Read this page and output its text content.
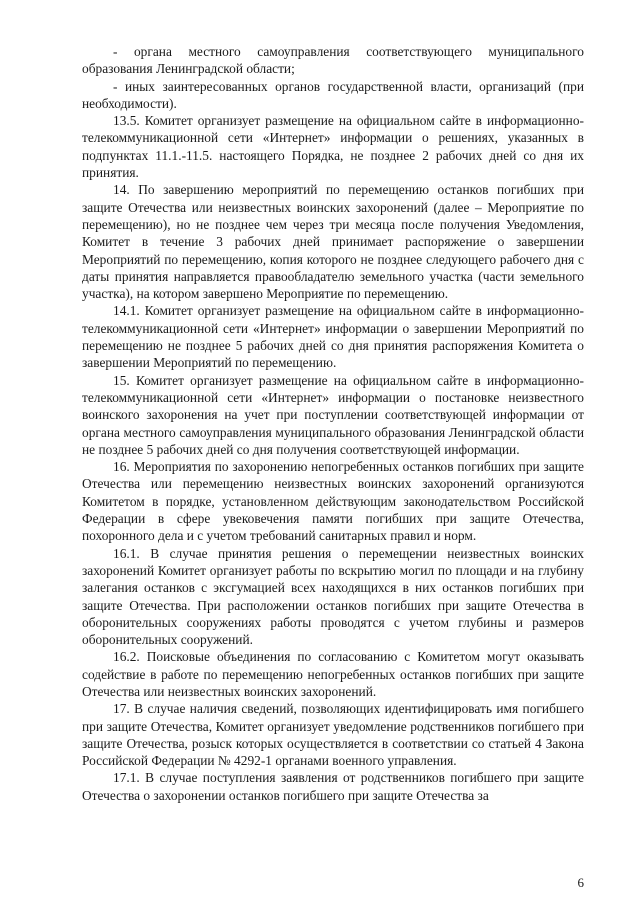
- органа местного самоуправления соответствующего муниципального образования Ленинградской области;

- иных заинтересованных органов государственной власти, организаций (при необходимости).

13.5. Комитет организует размещение на официальном сайте в информационно-телекоммуникационной сети «Интернет» информации о решениях, указанных в подпунктах 11.1.-11.5. настоящего Порядка, не позднее 2 рабочих дней со дня их принятия.

14. По завершению мероприятий по перемещению останков погибших при защите Отечества или неизвестных воинских захоронений (далее – Мероприятие по перемещению), но не позднее чем через три месяца после получения Уведомления, Комитет в течение 3 рабочих дней принимает распоряжение о завершении Мероприятий по перемещению, копия которого не позднее следующего рабочего дня с даты принятия направляется правообладателю земельного участка (части земельного участка), на котором завершено Мероприятие по перемещению.

14.1. Комитет организует размещение на официальном сайте в информационно-телекоммуникационной сети «Интернет» информации о завершении Мероприятий по перемещению не позднее 5 рабочих дней со дня принятия распоряжения Комитета о завершении Мероприятий по перемещению.

15. Комитет организует размещение на официальном сайте в информационно-телекоммуникационной сети «Интернет» информации о постановке неизвестного воинского захоронения на учет при поступлении соответствующей информации от органа местного самоуправления муниципального образования Ленинградской области не позднее 5 рабочих дней со дня получения соответствующей информации.

16. Мероприятия по захоронению непогребенных останков погибших при защите Отечества или перемещению неизвестных воинских захоронений организуются Комитетом в порядке, установленном действующим законодательством Российской Федерации в сфере увековечения памяти погибших при защите Отечества, похоронного дела и с учетом требований санитарных правил и норм.

16.1. В случае принятия решения о перемещении неизвестных воинских захоронений Комитет организует работы по вскрытию могил по площади и на глубину залегания останков с эксгумацией всех находящихся в них останков погибших при защите Отечества. При расположении останков погибших при защите Отечества в оборонительных сооружениях работы проводятся с учетом глубины и размеров оборонительных сооружений.

16.2. Поисковые объединения по согласованию с Комитетом могут оказывать содействие в работе по перемещению непогребенных останков погибших при защите Отечества или неизвестных воинских захоронений.

17. В случае наличия сведений, позволяющих идентифицировать имя погибшего при защите Отечества, Комитет организует уведомление родственников погибшего при защите Отечества, розыск которых осуществляется в соответствии со статьей 4 Закона Российской Федерации № 4292-1 органами военного управления.

17.1. В случае поступления заявления от родственников погибшего при защите Отечества о захоронении останков погибшего при защите Отечества за

6
